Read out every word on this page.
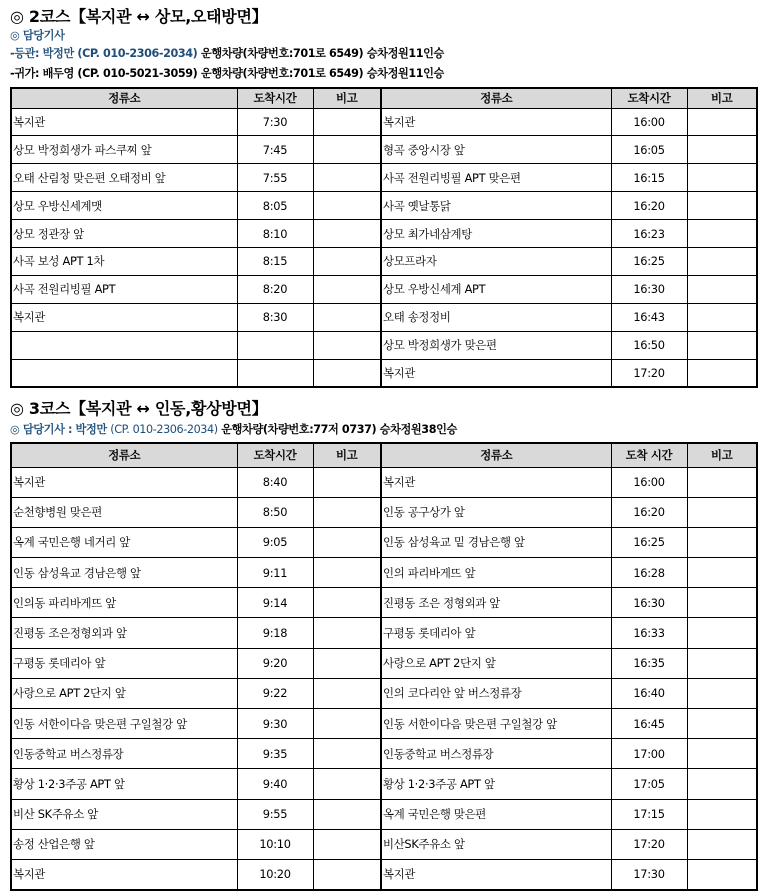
◎ 2코스【복지관 ↔ 상모,오태방면】
◎ 담당기사
-등관: 박정만 (CP. 010-2306-2034) 운행차량(차량번호:701로 6549) 승차정원11인승
-귀가: 배두영 (CP. 010-5021-3059) 운행차량(차량번호:701로 6549) 승차정원11인승
정류소	도착시간	비고	정류소	도착시간	비고
복지관	7:30		복지관	16:00	
상모 박정희생가 파스쿠찌 앞	7:45		형곡 중앙시장 앞	16:05	
오태 산림청 맞은편 오태정비 앞	7:55		사곡 전원리빙필 APT 맞은편	16:15	
상모 우방신세계맷	8:05		사곡 옛날통닭	16:20	
상모 정관장 앞	8:10		상모 최가네삼계탕	16:23	
사곡 보성 APT 1차	8:15		상모프라자	16:25	
사곡 전원리빙필 APT	8:20		상모 우방신세계 APT	16:30	
복지관	8:30		오태 송정정비	16:43	
			상모 박정희생가 맞은편	16:50	
			복지관	17:20	
◎ 3코스【복지관 ↔ 인동,황상방면】
◎ 담당기사 : 박정만 (CP. 010-2306-2034) 운행차량(차량번호:77저 0737) 승차정원38인승
정류소	도착시간	비고	정류소	도착 시간	비고
복지관	8:40		복지관	16:00	
순천향병원 맞은편	8:50		인동 공구상가 앞	16:20	
옥계 국민은행 네거리 앞	9:05		인동 삼성육교 밑 경남은행 앞	16:25	
인동 삼성육교 경남은행 앞	9:11		인의 파리바게뜨 앞	16:28	
인의동 파리바게뜨 앞	9:14		진평동 조은 정형외과 앞	16:30	
진평동 조은정형외과 앞	9:18		구평동 롯데리아 앞	16:33	
구평동 롯데리아 앞	9:20		사랑으로 APT 2단지 앞	16:35	
사랑으로 APT 2단지 앞	9:22		인의 코다리안 앞 버스정류장	16:40	
인동 서한이다음 맞은편 구일철강 앞	9:30		인동 서한이다음 맞은편 구일철강 앞	16:45	
인동중학교 버스정류장	9:35		인동중학교 버스정류장	17:00	
황상 1·2·3주공 APT 앞	9:40		황상 1·2·3주공 APT 앞	17:05	
비산 SK주유소 앞	9:55		옥계 국민은행 맞은편	17:15	
송정 산업은행 앞	10:10		비산SK주유소 앞	17:20	
복지관	10:20		복지관	17:30	
